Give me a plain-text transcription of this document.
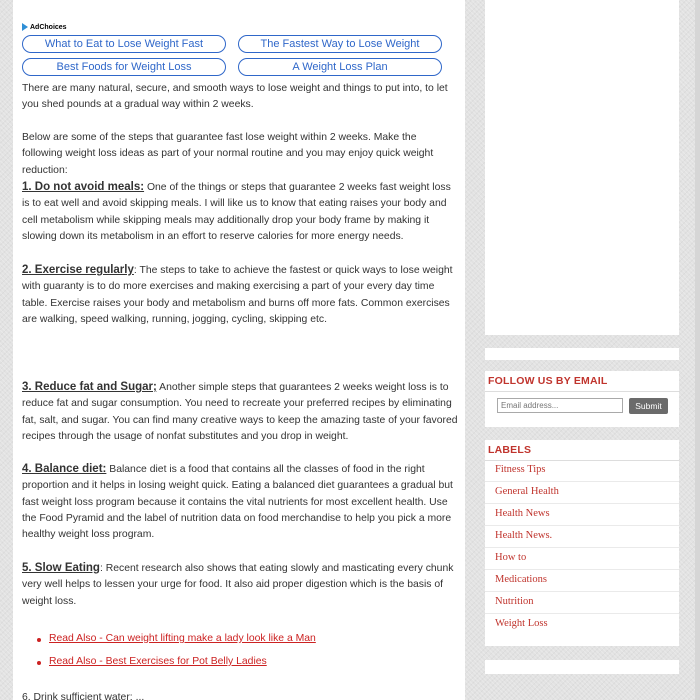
AdChoices
What to Eat to Lose Weight Fast	The Fastest Way to Lose Weight
Best Foods for Weight Loss	A Weight Loss Plan

There are many natural, secure, and smooth ways to lose weight and things to put into, to let you shed pounds at a gradual way within 2 weeks.

Below are some of the steps that guarantee fast lose weight within 2 weeks. Make the following weight loss ideas as part of your normal routine and you may enjoy quick weight reduction:

1. Do not avoid meals: One of the things or steps that guarantee 2 weeks fast weight loss is to eat well and avoid skipping meals. I will like us to know that eating raises your body and cell metabolism while skipping meals may additionally drop your body frame by making it slowing down its metabolism in an effort to reserve calories for more energy needs.

2. Exercise regularly: The steps to take to achieve the fastest or quick ways to lose weight with guaranty is to do more exercises and making exercising a part of your every day time table. Exercise raises your body and metabolism and burns off more fats. Common exercises are walking, speed walking, running, jogging, cycling, skipping etc.

3. Reduce fat and Sugar; Another simple steps that guarantees 2 weeks weight loss is to reduce fat and sugar consumption. You need to recreate your preferred recipes by eliminating fat, salt, and sugar. You can find many creative ways to keep the amazing taste of your favored recipes through the usage of nonfat substitutes and you drop in weight.

4. Balance diet: Balance diet is a food that contains all the classes of food in the right proportion and it helps in losing weight quick. Eating a balanced diet guarantees a gradual but fast weight loss program because it contains the vital nutrients for most excellent health. Use the Food Pyramid and the label of nutrition data on food merchandise to help you pick a more healthy weight loss program.

5. Slow Eating: Recent research also shows that eating slowly and masticating every chunk very well helps to lessen your urge for food. It also aid proper digestion which is the basis of weight loss.

Read Also - Can weight lifting make a lady look like a Man
Read Also - Best Exercises for Pot Belly Ladies
6. Drink sufficient water: ...
FOLLOW US BY EMAIL
Email address...
Submit
LABELS
Fitness Tips
General Health
Health News
Health News.
How to
Medications
Nutrition
Weight Loss
